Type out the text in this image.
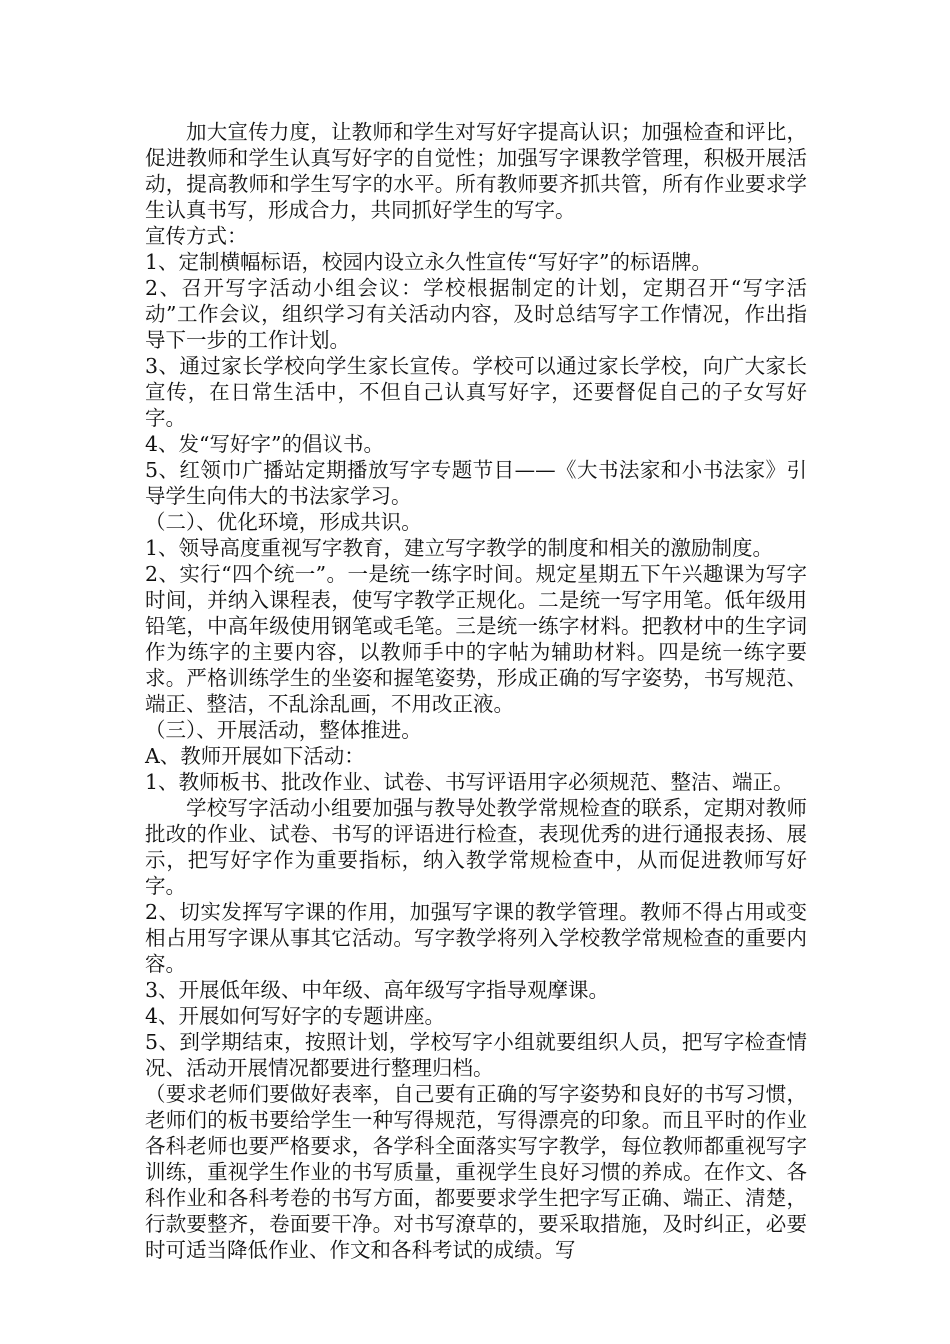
加大宣传力度，让教师和学生对写好字提高认识；加强检查和评比，促进教师和学生认真写好字的自觉性；加强写字课教学管理，积极开展活动，提高教师和学生写字的水平。所有教师要齐抓共管，所有作业要求学生认真书写，形成合力，共同抓好学生的写字。

宣传方式：

1、定制横幅标语，校园内设立永久性宣传“写好字”的标语牌。

2、召开写字活动小组会议：学校根据制定的计划，定期召开“写字活动”工作会议，组织学习有关活动内容，及时总结写字工作情况，作出指导下一步的工作计划。

3、通过家长学校向学生家长宣传。学校可以通过家长学校，向广大家长宣传，在日常生活中，不但自己认真写好字，还要督促自己的子女写好字。

4、发“写好字”的倡议书。

5、红领巾广播站定期播放写字专题节目——《大书法家和小书法家》引导学生向伟大的书法家学习。

（二）、优化环境，形成共识。

1、领导高度重视写字教育，建立写字教学的制度和相关的激励制度。

2、实行“四个统一”。一是统一练字时间。规定星期五下午兴趣课为写字时间，并纳入课程表，使写字教学正规化。二是统一写字用笔。低年级用铅笔，中高年级使用钢笔或毛笔。三是统一练字材料。把教材中的生字词作为练字的主要内容，以教师手中的字帖为辅助材料。四是统一练字要求。严格训练学生的坐姿和握笔姿势，形成正确的写字姿势，书写规范、端正、整洁，不乱涂乱画，不用改正液。

（三）、开展活动，整体推进。

A、教师开展如下活动：

1、教师板书、批改作业、试卷、书写评语用字必须规范、整洁、端正。

学校写字活动小组要加强与教导处教学常规检查的联系，定期对教师批改的作业、试卷、书写的评语进行检查，表现优秀的进行通报表扬、展示，把写好字作为重要指标，纳入教学常规检查中，从而促进教师写好字。

2、切实发挥写字课的作用，加强写字课的教学管理。教师不得占用或变相占用写字课从事其它活动。写字教学将列入学校教学常规检查的重要内容。

3、开展低年级、中年级、高年级写字指导观摩课。

4、开展如何写好字的专题讲座。

5、到学期结束，按照计划，学校写字小组就要组织人员，把写字检查情况、活动开展情况都要进行整理归档。

（要求老师们要做好表率，自己要有正确的写字姿势和良好的书写习惯，老师们的板书要给学生一种写得规范，写得漂亮的印象。而且平时的作业各科老师也要严格要求，各学科全面落实写字教学，每位教师都重视写字训练，重视学生作业的书写质量，重视学生良好习惯的养成。在作文、各科作业和各科考卷的书写方面，都要要求学生把字写正确、端正、清楚，行款要整齐，卷面要干净。对书写潦草的，要采取措施，及时纠正，必要时可适当降低作业、作文和各科考试的成绩。写
